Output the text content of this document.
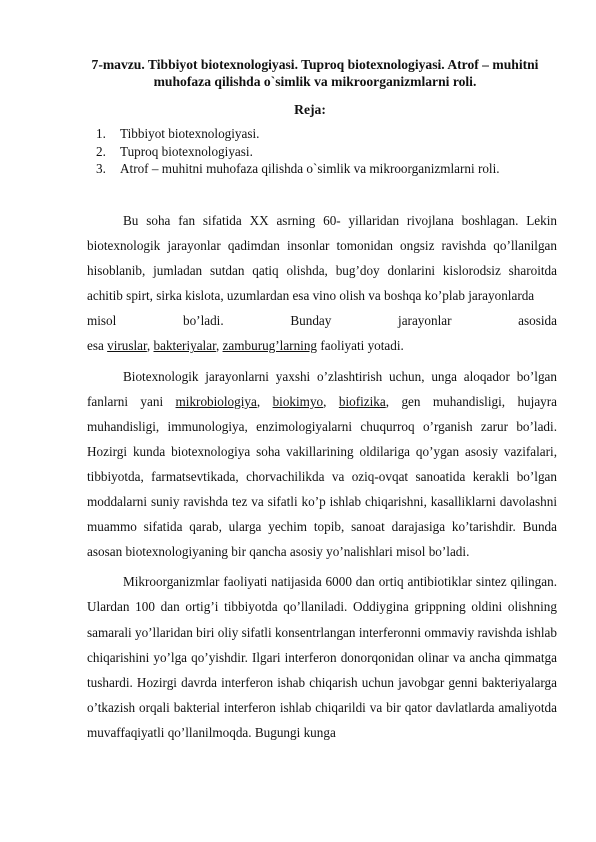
7-mavzu. Tibbiyot biotexnologiyasi. Tuproq biotexnologiyasi. Atrof – muhitni
muhofaza qilishda o`simlik va mikroorganizmlarni roli.
Reja:
1.	Tibbiyot biotexnologiyasi.
2.	Tuproq biotexnologiyasi.
3.	Atrof – muhitni muhofaza qilishda o`simlik va mikroorganizmlarni roli.

Bu soha fan sifatida XX asrning 60- yillaridan rivojlana boshlagan. Lekin biotexnologik jarayonlar qadimdan insonlar tomonidan ongsiz ravishda qo’llanilgan hisoblanib, jumladan sutdan qatiq olishda, bug’doy donlarini kislorodsiz sharoitda achitib spirt, sirka kislota, uzumlardan esa vino olish va boshqa ko’plab jarayonlarda
misol bo’ladi. Bunday jarayonlar asosida

esa viruslar, bakteriyalar, zamburug’larning faoliyati yotadi.

Biotexnologik jarayonlarni yaxshi o’zlashtirish uchun, unga aloqador bo’lgan fanlarni yani mikrobiologiya, biokimyo, biofizika, gen muhandisligi, hujayra muhandisligi, immunologiya, enzimologiyalarni chuqurroq o’rganish zarur bo’ladi. Hozirgi kunda biotexnologiya soha vakillarining oldilariga qo’ygan asosiy vazifalari, tibbiyotda, farmatsevtikada, chorvachilikda va oziq-ovqat sanoatida kerakli bo’lgan moddalarni suniy ravishda tez va sifatli ko’p ishlab chiqarishni, kasalliklarni davolashni muammo sifatida qarab, ularga yechim topib, sanoat darajasiga ko’tarishdir. Bunda asosan biotexnologiyaning bir qancha asosiy yo’nalishlari misol bo’ladi.

Mikroorganizmlar faoliyati natijasida 6000 dan ortiq antibiotiklar sintez qilingan. Ulardan 100 dan ortig’i tibbiyotda qo’llaniladi. Oddiygina grippning oldini olishning samarali yo’llaridan biri oliy sifatli konsentrlangan interferonni ommaviy ravishda ishlab chiqarishini yo’lga qo’yishdir. Ilgari interferon donorqonidan olinar va ancha qimmatga tushardi. Hozirgi davrda interferon ishab chiqarish uchun javobgar genni bakteriyalarga o’tkazish orqali bakterial interferon ishlab chiqarildi va bir qator davlatlarda amaliyotda muvaffaqiyatli qo’llanilmoqda. Bugungi kunga
